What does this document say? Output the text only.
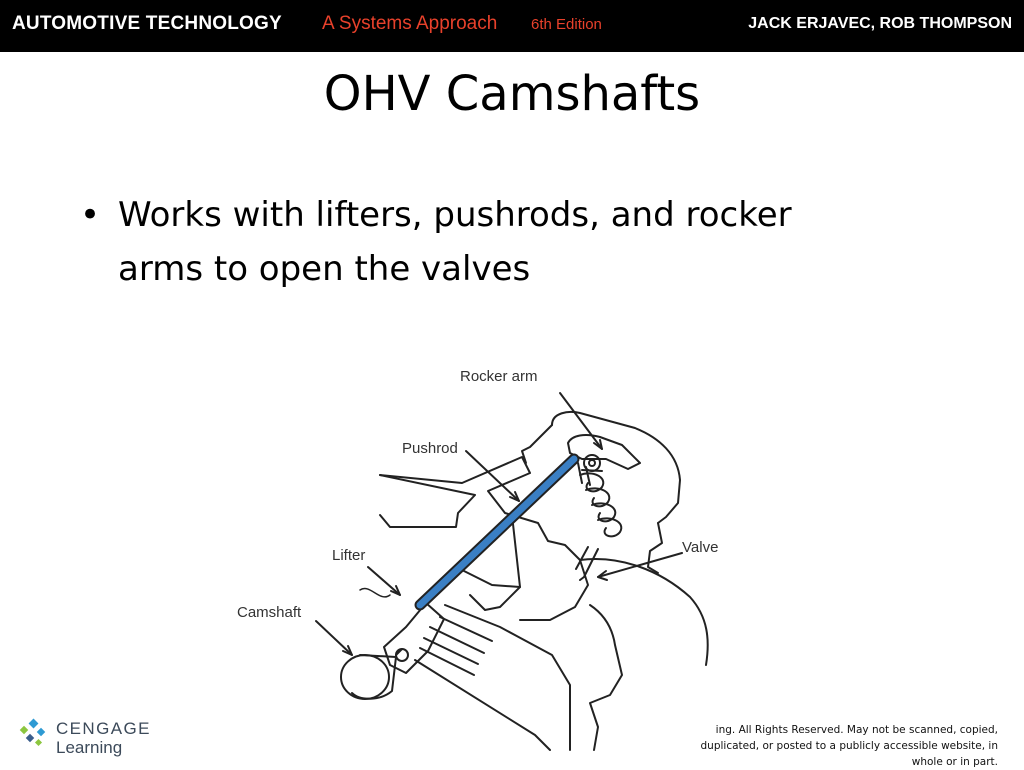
AUTOMOTIVE TECHNOLOGY A Systems Approach 6th Edition	JACK ERJAVEC, ROB THOMPSON
OHV Camshafts
• Works with lifters, pushrods, and rocker arms to open the valves
Rocker arm
Pushrod
Lifter
Camshaft
Valve
CENGAGE
Learning
ing. All Rights Reserved. May not be scanned, copied,
duplicated, or posted to a publicly accessible website, in whole or in part.
